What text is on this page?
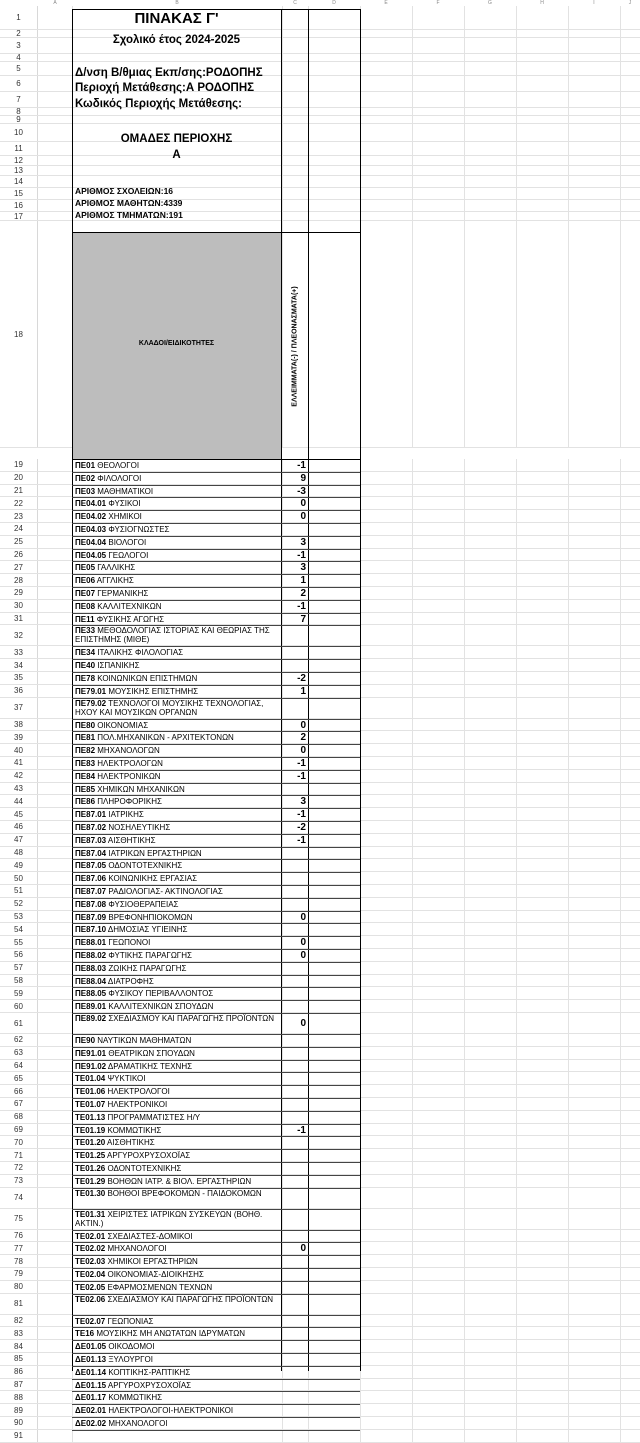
A	B	C	D	E	F	G	H	I	J
1
2
3
4
5
6
7
8
9
10
11
12
13
14
15
16
17
18
19	ΠΕ01 ΘΕΟΛΟΓΟΙ	-1
20	ΠΕ02 ΦΙΛΟΛΟΓΟΙ	9
21	ΠΕ03 ΜΑΘΗΜΑΤΙΚΟΙ	-3
22	ΠΕ04.01 ΦΥΣΙΚΟΙ	0
23	ΠΕ04.02 ΧΗΜΙΚΟΙ	0
24	ΠΕ04.03 ΦΥΣΙΟΓΝΩΣΤΕΣ
25	ΠΕ04.04 ΒΙΟΛΟΓΟΙ	3
26	ΠΕ04.05 ΓΕΩΛΟΓΟΙ	-1
27	ΠΕ05 ΓΑΛΛΙΚΗΣ	3
28	ΠΕ06 ΑΓΓΛΙΚΗΣ	1
29	ΠΕ07 ΓΕΡΜΑΝΙΚΗΣ	2
30	ΠΕ08 ΚΑΛΛΙΤΕΧΝΙΚΩΝ	-1
31	ΠΕ11 ΦΥΣΙΚΗΣ ΑΓΩΓΗΣ	7
32	ΠΕ33 ΜΕΘΟΔΟΛΟΓΙΑΣ ΙΣΤΟΡΙΑΣ ΚΑΙ ΘΕΩΡΙΑΣ ΤΗΣ ΕΠΙΣΤΗΜΗΣ (ΜΙΘΕ)
33	ΠΕ34 ΙΤΑΛΙΚΗΣ ΦΙΛΟΛΟΓΙΑΣ
34	ΠΕ40 ΙΣΠΑΝΙΚΗΣ
35	ΠΕ78 ΚΟΙΝΩΝΙΚΩΝ ΕΠΙΣΤΗΜΩΝ	-2
36	ΠΕ79.01 ΜΟΥΣΙΚΗΣ ΕΠΙΣΤΗΜΗΣ	1
37	ΠΕ79.02 ΤΕΧΝΟΛΟΓΟΙ ΜΟΥΣΙΚΗΣ ΤΕΧΝΟΛΟΓΙΑΣ, ΗΧΟΥ ΚΑΙ ΜΟΥΣΙΚΩΝ ΟΡΓΑΝΩΝ
38	ΠΕ80 ΟΙΚΟΝΟΜΙΑΣ	0
39	ΠΕ81 ΠΟΛ.ΜΗΧΑΝΙΚΩΝ - ΑΡΧΙΤΕΚΤΟΝΩΝ	2
40	ΠΕ82 ΜΗΧΑΝΟΛΟΓΩΝ	0
41	ΠΕ83 ΗΛΕΚΤΡΟΛΟΓΩΝ	-1
42	ΠΕ84 ΗΛΕΚΤΡΟΝΙΚΩΝ	-1
43	ΠΕ85 ΧΗΜΙΚΩΝ ΜΗΧΑΝΙΚΩΝ
44	ΠΕ86 ΠΛΗΡΟΦΟΡΙΚΗΣ	3
45	ΠΕ87.01 ΙΑΤΡΙΚΗΣ	-1
46	ΠΕ87.02 ΝΟΣΗΛΕΥΤΙΚΗΣ	-2
47	ΠΕ87.03 ΑΙΣΘΗΤΙΚΗΣ	-1
48	ΠΕ87.04 ΙΑΤΡΙΚΩΝ ΕΡΓΑΣΤΗΡΙΩΝ
49	ΠΕ87.05 ΟΔΟΝΤΟΤΕΧΝΙΚΗΣ
50	ΠΕ87.06 ΚΟΙΝΩΝΙΚΗΣ ΕΡΓΑΣΙΑΣ
51	ΠΕ87.07 ΡΑΔΙΟΛΟΓΙΑΣ- ΑΚΤΙΝΟΛΟΓΙΑΣ
52	ΠΕ87.08 ΦΥΣΙΟΘΕΡΑΠΕΙΑΣ
53	ΠΕ87.09 ΒΡΕΦΟΝΗΠΙΟΚΟΜΩΝ	0
54	ΠΕ87.10 ΔΗΜΟΣΙΑΣ ΥΓΙΕΙΝΗΣ
55	ΠΕ88.01 ΓΕΩΠΟΝΟΙ	0
56	ΠΕ88.02 ΦΥΤΙΚΗΣ ΠΑΡΑΓΩΓΗΣ	0
57	ΠΕ88.03 ΖΩΙΚΗΣ ΠΑΡΑΓΩΓΗΣ
58	ΠΕ88.04 ΔΙΑΤΡΟΦΗΣ
59	ΠΕ88.05 ΦΥΣΙΚΟΥ ΠΕΡΙΒΑΛΛΟΝΤΟΣ
60	ΠΕ89.01 ΚΑΛΛΙΤΕΧΝΙΚΩΝ ΣΠΟΥΔΩΝ
61	ΠΕ89.02 ΣΧΕΔΙΑΣΜΟΥ ΚΑΙ ΠΑΡΑΓΩΓΗΣ ΠΡΟΪΟΝΤΩΝ	0
62	ΠΕ90 ΝΑΥΤΙΚΩΝ ΜΑΘΗΜΑΤΩΝ
63	ΠΕ91.01 ΘΕΑΤΡΙΚΩΝ ΣΠΟΥΔΩΝ
64	ΠΕ91.02 ΔΡΑΜΑΤΙΚΗΣ ΤΕΧΝΗΣ
65	ΤΕ01.04 ΨΥΚΤΙΚΟΙ
66	ΤΕ01.06 ΗΛΕΚΤΡΟΛΟΓΟΙ
67	ΤΕ01.07 ΗΛΕΚΤΡΟΝΙΚΟΙ
68	ΤΕ01.13 ΠΡΟΓΡΑΜΜΑΤΙΣΤΕΣ Η/Υ
69	ΤΕ01.19 ΚΟΜΜΩΤΙΚΗΣ	-1
70	ΤΕ01.20 ΑΙΣΘΗΤΙΚΗΣ
71	ΤΕ01.25 ΑΡΓΥΡΟΧΡΥΣΟΧΟΪΑΣ
72	ΤΕ01.26 ΟΔΟΝΤΟΤΕΧΝΙΚΗΣ
73	ΤΕ01.29 ΒΟΗΘΩΝ ΙΑΤΡ. & ΒΙΟΛ. ΕΡΓΑΣΤΗΡΙΩΝ
74	ΤΕ01.30 ΒΟΗΘΟΙ ΒΡΕΦΟΚΟΜΩΝ - ΠΑΙΔΟΚΟΜΩΝ
75	ΤΕ01.31 ΧΕΙΡΙΣΤΕΣ ΙΑΤΡΙΚΩΝ ΣΥΣΚΕΥΩΝ (ΒΟΗΘ. ΑΚΤΙΝ.)
76	ΤΕ02.01 ΣΧΕΔΙΑΣΤΕΣ-ΔΟΜΙΚΟΙ
77	ΤΕ02.02 ΜΗΧΑΝΟΛΟΓΟΙ	0
78	ΤΕ02.03 ΧΗΜΙΚΟΙ ΕΡΓΑΣΤΗΡΙΩΝ
79	ΤΕ02.04 ΟΙΚΟΝΟΜΙΑΣ-ΔΙΟΙΚΗΣΗΣ
80	ΤΕ02.05 ΕΦΑΡΜΟΣΜΕΝΩΝ ΤΕΧΝΩΝ
81	ΤΕ02.06 ΣΧΕΔΙΑΣΜΟΥ ΚΑΙ ΠΑΡΑΓΩΓΗΣ ΠΡΟΪΟΝΤΩΝ
82	ΤΕ02.07 ΓΕΩΠΟΝΙΑΣ
83	ΤΕ16 ΜΟΥΣΙΚΗΣ ΜΗ ΑΝΩΤΑΤΩΝ ΙΔΡΥΜΑΤΩΝ
84	ΔΕ01.05 ΟΙΚΟΔΟΜΟΙ
85	ΔΕ01.13 ΞΥΛΟΥΡΓΟΙ
86	ΔΕ01.14 ΚΟΠΤΙΚΗΣ-ΡΑΠΤΙΚΗΣ
87	ΔΕ01.15 ΑΡΓΥΡΟΧΡΥΣΟΧΟΪΑΣ
88	ΔΕ01.17 ΚΟΜΜΩΤΙΚΗΣ
89	ΔΕ02.01 ΗΛΕΚΤΡΟΛΟΓΟΙ-ΗΛΕΚΤΡΟΝΙΚΟΙ
90	ΔΕ02.02 ΜΗΧΑΝΟΛΟΓΟΙ
91
ΠΙΝΑΚΑΣ Γ'
Σχολικό έτος 2024-2025
Δ/νση Β/θμιας Εκπ/σης:ΡΟΔΟΠΗΣ
Περιοχή Μετάθεσης:Α ΡΟΔΟΠΗΣ
Κωδικός Περιοχής Μετάθεσης:
ΟΜΑΔΕΣ ΠΕΡΙΟΧΗΣ
Α
ΑΡΙΘΜΟΣ ΣΧΟΛΕΙΩΝ:16
ΑΡΙΘΜΟΣ ΜΑΘΗΤΩΝ:4339
ΑΡΙΘΜΟΣ ΤΜΗΜΑΤΩΝ:191
ΚΛΑΔΟΙ/ΕΙΔΙΚΟΤΗΤΕΣ	ΕΛΛΕΙΜΜΑΤΑ(-) / ΠΛΕΟΝΑΣΜΑΤΑ(+)
